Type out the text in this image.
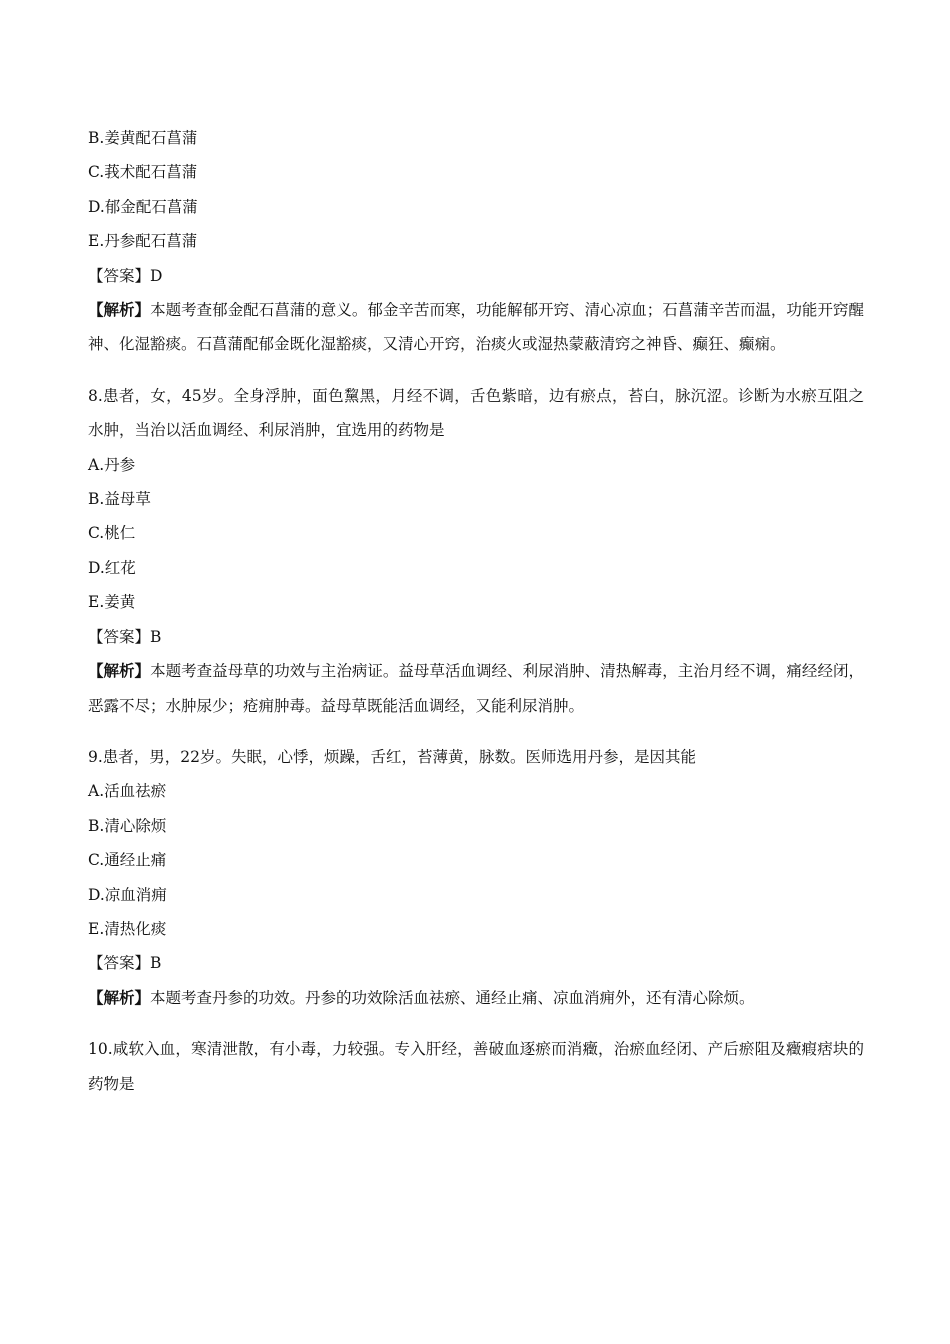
B.姜黄配石菖蒲
C.莪术配石菖蒲
D.郁金配石菖蒲
E.丹参配石菖蒲
【答案】D
【解析】本题考查郁金配石菖蒲的意义。郁金辛苦而寒，功能解郁开窍、清心凉血；石菖蒲辛苦而温，功能开窍醒神、化湿豁痰。石菖蒲配郁金既化湿豁痰，又清心开窍，治痰火或湿热蒙蔽清窍之神昏、癫狂、癫痫。
8.患者，女，45岁。全身浮肿，面色黧黑，月经不调，舌色紫暗，边有瘀点，苔白，脉沉涩。诊断为水瘀互阻之水肿，当治以活血调经、利尿消肿，宜选用的药物是
A.丹参
B.益母草
C.桃仁
D.红花
E.姜黄
【答案】B
【解析】本题考查益母草的功效与主治病证。益母草活血调经、利尿消肿、清热解毒，主治月经不调，痛经经闭，恶露不尽；水肿尿少；疮痈肿毒。益母草既能活血调经，又能利尿消肿。
9.患者，男，22岁。失眠，心悸，烦躁，舌红，苔薄黄，脉数。医师选用丹参，是因其能
A.活血祛瘀
B.清心除烦
C.通经止痛
D.凉血消痈
E.清热化痰
【答案】B
【解析】本题考查丹参的功效。丹参的功效除活血祛瘀、通经止痛、凉血消痈外，还有清心除烦。
10.咸软入血，寒清泄散，有小毒，力较强。专入肝经，善破血逐瘀而消癥，治瘀血经闭、产后瘀阻及癥瘕痞块的药物是
